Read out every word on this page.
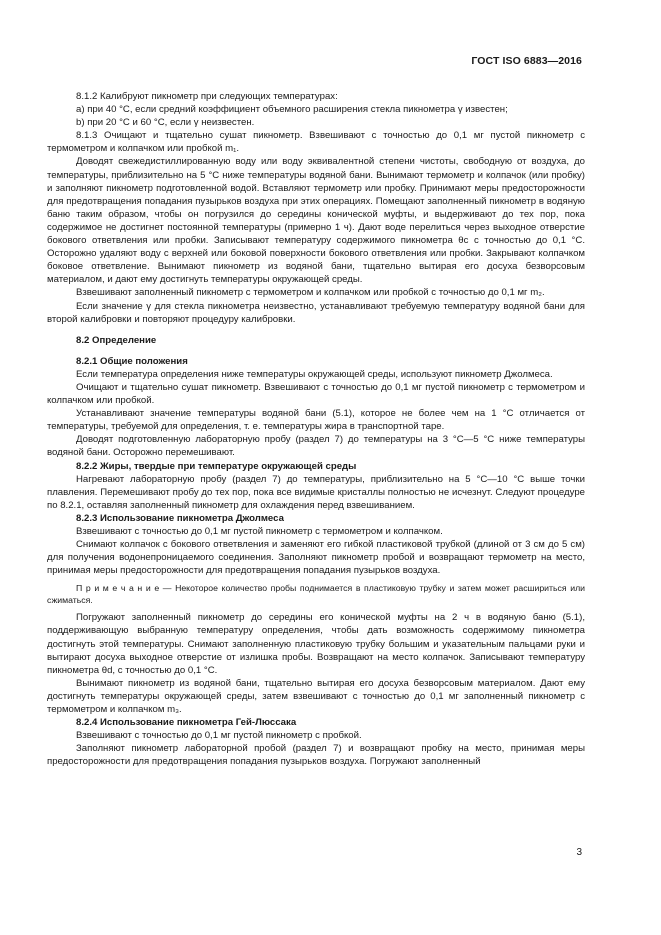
ГОСТ ISO 6883—2016

8.1.2 Калибруют пикнометр при следующих температурах:

a) при 40 °С, если средний коэффициент объемного расширения стекла пикнометра γ известен;

b) при 20 °С и 60 °С, если γ неизвестен.

8.1.3 Очищают и тщательно сушат пикнометр. Взвешивают с точностью до 0,1 мг пустой пикнометр с термометром и колпачком или пробкой m₁.

Доводят свежедистиллированную воду или воду эквивалентной степени чистоты, свободную от воздуха, до температуры, приблизительно на 5 °С ниже температуры водяной бани. Вынимают термометр и колпачок (или пробку) и заполняют пикнометр подготовленной водой. Вставляют термометр или пробку. Принимают меры предосторожности для предотвращения попадания пузырьков воздуха при этих операциях. Помещают заполненный пикнометр в водяную баню таким образом, чтобы он погрузился до середины конической муфты, и выдерживают до тех пор, пока содержимое не достигнет постоянной температуры (примерно 1 ч). Дают воде перелиться через выходное отверстие бокового ответвления или пробки. Записывают температуру содержимого пикнометра θc с точностью до 0,1 °С. Осторожно удаляют воду с верхней или боковой поверхности бокового ответвления или пробки. Закрывают колпачком боковое ответвление. Вынимают пикнометр из водяной бани, тщательно вытирая его досуха безворсовым материалом, и дают ему достигнуть температуры окружающей среды.

Взвешивают заполненный пикнометр с термометром и колпачком или пробкой с точностью до 0,1 мг m₂.

Если значение γ для стекла пикнометра неизвестно, устанавливают требуемую температуру водяной бани для второй калибровки и повторяют процедуру калибровки.

8.2 Определение

8.2.1 Общие положения

Если температура определения ниже температуры окружающей среды, используют пикнометр Джолмеса.

Очищают и тщательно сушат пикнометр. Взвешивают с точностью до 0,1 мг пустой пикнометр с термометром и колпачком или пробкой.

Устанавливают значение температуры водяной бани (5.1), которое не более чем на 1 °С отличается от температуры, требуемой для определения, т. е. температуры жира в транспортной таре.

Доводят подготовленную лабораторную пробу (раздел 7) до температуры на 3 °С—5 °С ниже температуры водяной бани. Осторожно перемешивают.

8.2.2 Жиры, твердые при температуре окружающей среды

Нагревают лабораторную пробу (раздел 7) до температуры, приблизительно на 5 °С—10 °С выше точки плавления. Перемешивают пробу до тех пор, пока все видимые кристаллы полностью не исчезнут. Следуют процедуре по 8.2.1, оставляя заполненный пикнометр для охлаждения перед взвешиванием.

8.2.3 Использование пикнометра Джолмеса

Взвешивают с точностью до 0,1 мг пустой пикнометр с термометром и колпачком.

Снимают колпачок с бокового ответвления и заменяют его гибкой пластиковой трубкой (длиной от 3 см до 5 см) для получения водонепроницаемого соединения. Заполняют пикнометр пробой и возвращают термометр на место, принимая меры предосторожности для предотвращения попадания пузырьков воздуха.

П р и м е ч а н и е — Некоторое количество пробы поднимается в пластиковую трубку и затем может расшириться или сжиматься.

Погружают заполненный пикнометр до середины его конической муфты на 2 ч в водяную баню (5.1), поддерживающую выбранную температуру определения, чтобы дать возможность содержимому пикнометра достигнуть этой температуры. Снимают заполненную пластиковую трубку большим и указательным пальцами руки и вытирают досуха выходное отверстие от излишка пробы. Возвращают на место колпачок. Записывают температуру пикнометра θd, с точностью до 0,1 °С.

Вынимают пикнометр из водяной бани, тщательно вытирая его досуха безворсовым материалом. Дают ему достигнуть температуры окружающей среды, затем взвешивают с точностью до 0,1 мг заполненный пикнометр с термометром и колпачком m₃.

8.2.4 Использование пикнометра Гей-Люссака

Взвешивают с точностью до 0,1 мг пустой пикнометр с пробкой.

Заполняют пикнометр лабораторной пробой (раздел 7) и возвращают пробку на место, принимая меры предосторожности для предотвращения попадания пузырьков воздуха. Погружают заполненный

3
